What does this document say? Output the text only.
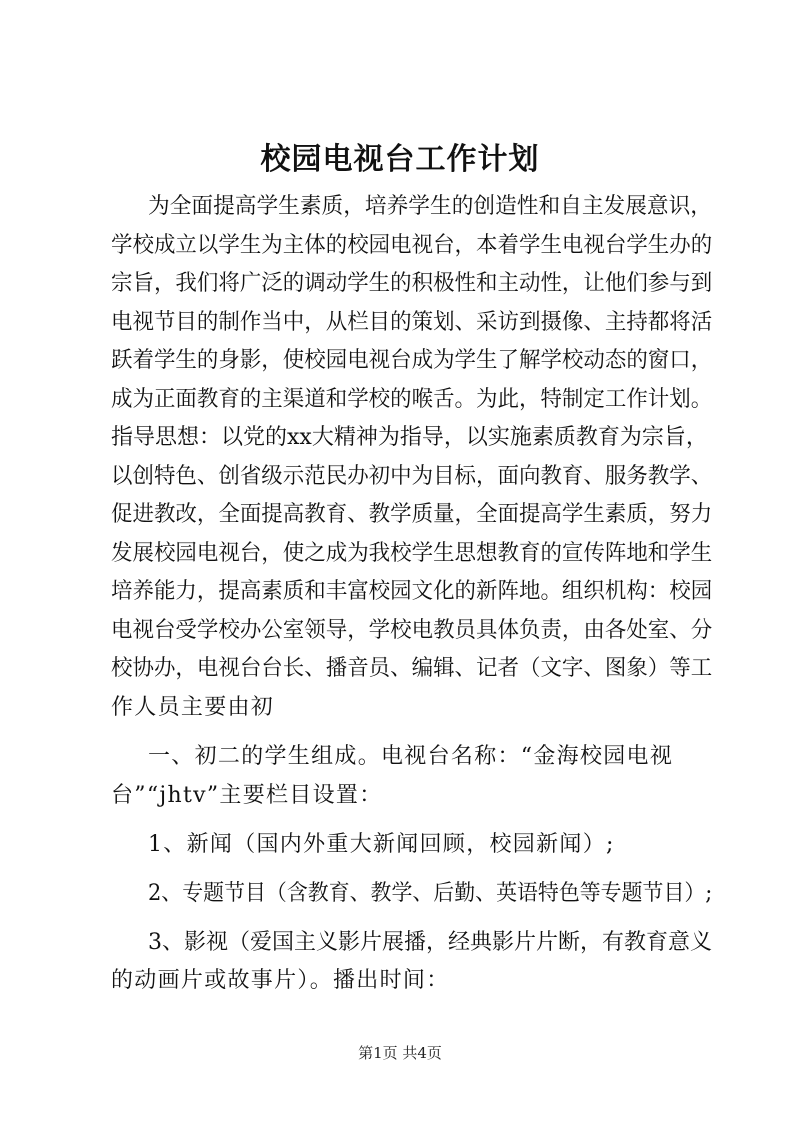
校园电视台工作计划
为全面提高学生素质，培养学生的创造性和自主发展意识，
学校成立以学生为主体的校园电视台，本着学生电视台学生办的
宗旨，我们将广泛的调动学生的积极性和主动性，让他们参与到
电视节目的制作当中，从栏目的策划、采访到摄像、主持都将活
跃着学生的身影，使校园电视台成为学生了解学校动态的窗口，
成为正面教育的主渠道和学校的喉舌。为此，特制定工作计划。
指导思想：以党的xx大精神为指导，以实施素质教育为宗旨，
以创特色、创省级示范民办初中为目标，面向教育、服务教学、
促进教改，全面提高教育、教学质量，全面提高学生素质，努力
发展校园电视台，使之成为我校学生思想教育的宣传阵地和学生
培养能力，提高素质和丰富校园文化的新阵地。组织机构：校园
电视台受学校办公室领导，学校电教员具体负责，由各处室、分
校协办，电视台台长、播音员、编辑、记者（文字、图象）等工
作人员主要由初
一、初二的学生组成。电视台名称：“金海校园电视
台”“jhtv”主要栏目设置：
1、新闻（国内外重大新闻回顾，校园新闻）;
2、专题节目（含教育、教学、后勤、英语特色等专题节目）;
3、影视（爱国主义影片展播，经典影片片断，有教育意义
的动画片或故事片）。播出时间：
第1页 共4页
